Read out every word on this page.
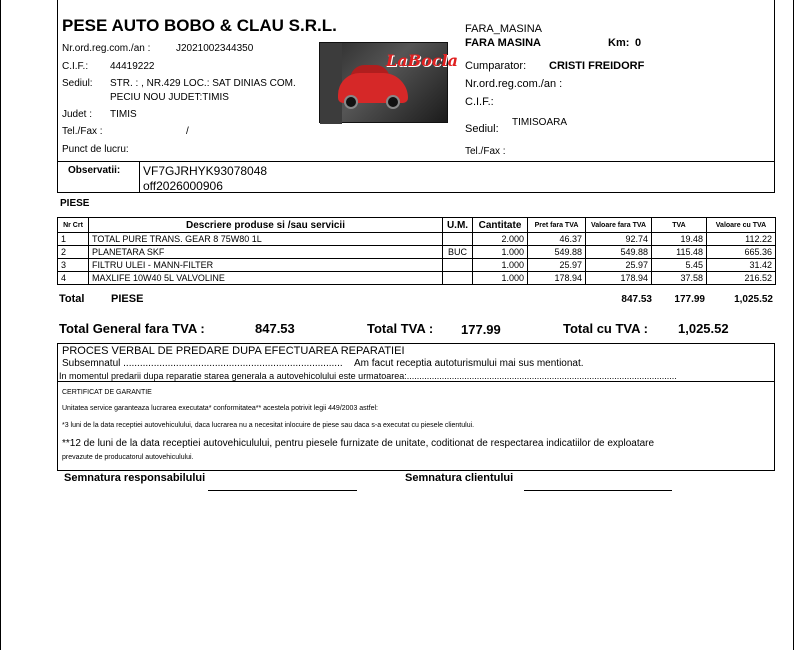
PESE AUTO BOBO & CLAU S.R.L.
Nr.ord.reg.com./an :	J2021002344350
C.I.F.: 44419222
Sediul: STR. : , NR.429 LOC.: SAT DINIAS COM.
PECIU NOU JUDET:TIMIS
Judet : TIMIS
Tel./Fax :	/
Punct de lucru:
LaBocla
FARA_MASINA
FARA MASINA	Km: 0
Cumparator: CRISTI FREIDORF
Nr.ord.reg.com./an :
C.I.F.:
TIMISOARA
Sediul:
Tel./Fax :
Observatii: VF7GJRHYK93078048
off2026000906
PIESE
Nr Crt	Descriere produse si /sau servicii	U.M.	Cantitate	Pret fara TVA	Valoare fara TVA	TVA	Valoare cu TVA
1	TOTAL PURE TRANS. GEAR 8 75W80 1L		2.000	46.37	92.74	19.48	112.22
2	PLANETARA SKF	BUC	1.000	549.88	549.88	115.48	665.36
3	FILTRU ULEI - MANN-FILTER		1.000	25.97	25.97	5.45	31.42
4	MAXLIFE 10W40 5L VALVOLINE		1.000	178.94	178.94	37.58	216.52
Total PIESE	847.53	177.99	1,025.52
Total General fara TVA :	847.53	Total TVA : 177.99	Total cu TVA : 1,025.52
PROCES VERBAL DE PREDARE DUPA EFECTUAREA REPARATIEI
Subsemnatul ............................................................................... Am facut receptia autoturismului mai sus mentionat.
In momentul predarii dupa reparatie starea generala a autovehicolului este urmatoarea:............................................................................................................
CERTIFICAT DE GARANTIE
Unitatea service garanteaza lucrarea executata* conformitatea** acestela potrivit legii 449/2003 astfel:
*3 luni de la data receptiei autovehiculului, daca lucrarea nu a necesitat inlocuire de piese sau daca s-a executat cu piesele clientului.
**12 de luni de la data receptiei autovehiculului, pentru piesele furnizate de unitate, coditionat de respectarea indicatiilor de exploatare
prevazute de producatorul autovehiculului.
Semnatura responsabilului	Semnatura clientului
